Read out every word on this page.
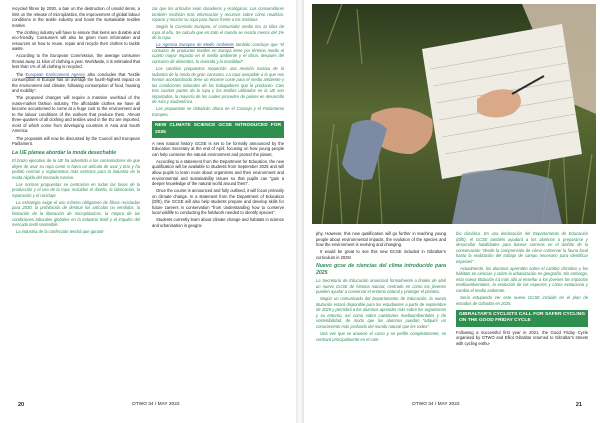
recycled fibres by 2030, a ban on the destruction of unsold items, a limit on the release of microplastics, the improvement of global labour conditions in the textile industry and boost the sustainable textiles market.

The clothing industry will have to ensure that items are durable and eco-friendly. Consumers will also be given more information and resources on how to reuse, repair and recycle their clothes to tackle waste.

According to the European Commission, the average consumer throws away 11 kilos of clothing a year. Worldwide, it is estimated that less than 1% of all clothing is recycled.

The European Environment Agency also concludes that “textile consumption in Europe has on average the fourth-highest impact on the environment and climate, following consumption of food, housing and mobility”.

The proposed changes will require a massive overhaul of the mass-market fashion industry. The affordable clothes we have all become accustomed to come at a huge cost to the environment and to the labour conditions of the workers that produce them. Almost three-quarters of all clothing and textiles used in the EU are imported, most of which come from developing countries in Asia and South America.

The proposals will now be discussed by the Council and European Parliament.

La UE planea abordar la moda desechable

El brazo ejecutivo de la UE ha advertido a los consumidores de que dejen de usar su ropa como si fuera un artículo de usar y tirar y ha pedido normas y reglamentos más estrictos para la industria de la moda rápida del mercado masivo.

Las normas propuestas se centrarían en todas las fases de la producción y el uso de la ropa, incluidos el diseño, la fabricación, la reparación y el reciclaje.

La estrategia exige el uso mínimo obligatorio de fibras recicladas para 2030, la prohibición de destruir los artículos no vendidos, la limitación de la liberación de microplásticos, la mejora de las condiciones laborales globales en la industria textil y el impulso del mercado textil sostenible.

La industria de la confección tendrá que garanti-

zar que los artículos sean duraderos y ecológicos. Los consumidores también recibirán más información y recursos sobre cómo reutilizar, reparar y reciclar su ropa para hacer frente a los residuos.

Según la Comisión Europea, el consumidor medio tira 11 kilos de ropa al año. Se calcula que en todo el mundo se recicla menos del 1% de la ropa.

La Agencia Europea de Medio Ambiente también concluye que “el consumo de productos textiles en Europa tiene por término medio el cuarto mayor impacto en el medio ambiente y el clima, después del consumo de alimentos, la vivienda y la movilidad”.

Los cambios propuestos requerirán una revisión masiva de la industria de la moda de gran consumo. La ropa asequible a la que nos hemos acostumbrado tiene un enorme coste para el medio ambiente y las condiciones laborales de los trabajadores que la producen. Casi tres cuartas partes de la ropa y los textiles utilizados en la UE son importados, la mayoría de los cuales proceden de países en desarrollo de Asia y Sudamérica.

Las propuestas se debatirán ahora en el Consejo y el Parlamento Europeo.

NEW CLIMATE SCIENCE GCSE INTRODUCED FOR 2025

A new natural history GCSE is set to be formally announced by the Education Secretary at the end of April, focusing on how young people can help conserve the natural environment and protect the planet.

According to a statement from the Department for Education, the new qualification will be available to students from September 2025 and will allow pupils to learn more about organisms and their environment and environmental and sustainability issues so that pupils can “gain a deeper knowledge of the natural world around them”.

Once the course is announced and fully outlined, it will focus primarily on climate change. In a statement from the Department of Education (DfE), the GCSE will also help students prepare and develop skills for future careers in conservation “from understanding how to conserve local wildlife to conducting the fieldwork needed to identify species”.

Students currently learn about climate change and habitats in science and urbanisation in geogra-

20	OTWO 34 / MAY 2022

phy. However, this new qualification will go further in teaching young people about environmental impacts, the evolution of the species and how the environment is evolving and changing.

It would be great to see this new GCSE included in Gibraltar’s curriculum in 2025!

Nuevo gcse de ciencias del clima introducido para 2025

La Secretaría de Educación anunciará formalmente a finales de abril un nuevo GCSE de historia natural, centrado en cómo los jóvenes pueden ayudar a conservar el entorno natural y proteger el planeta.

Según un comunicado del Departamento de Educación, la nueva titulación estará disponible para los estudiantes a partir de septiembre de 2025 y permitirá a los alumnos aprender más sobre los organismos y su entorno, así como sobre cuestiones medioambientales y de sostenibilidad, de modo que los alumnos puedan “adquirir un conocimiento más profundo del mundo natural que les rodea”.

Una vez que se anuncie el curso y se perfile completamente, se centrará principalmente en el cam-

bio climático. En una declaración del Departamento de Educación (DfE), el GCSE también ayudará a los alumnos a prepararse y desarrollar habilidades para futuras carreras en el ámbito de la conservación “desde la comprensión de cómo conservar la fauna local hasta la realización del trabajo de campo necesario para identificar especies”.

Actualmente, los alumnos aprenden sobre el cambio climático y los hábitats en ciencias y sobre la urbanización en geografía. Sin embargo, esta nueva titulación irá más allá al enseñar a los jóvenes los impactos medioambientales, la evolución de las especies y cómo evoluciona y cambia el medio ambiente.

Sería estupendo ver este nuevo GCSE incluido en el plan de estudios de Gibraltar en 2025.

GIBRALTAR’S CYCLISTS CALL FOR SAFER CYCLING ON THE GOOD FRIDAY CYCLE

Following a successful first year in 2021, the Good Friday Cycle organised by OTWO and Elliot Gibraltar returned to Gibraltar’s streets with cycling enthu-

OTWO 34 / MAY 2022	21
